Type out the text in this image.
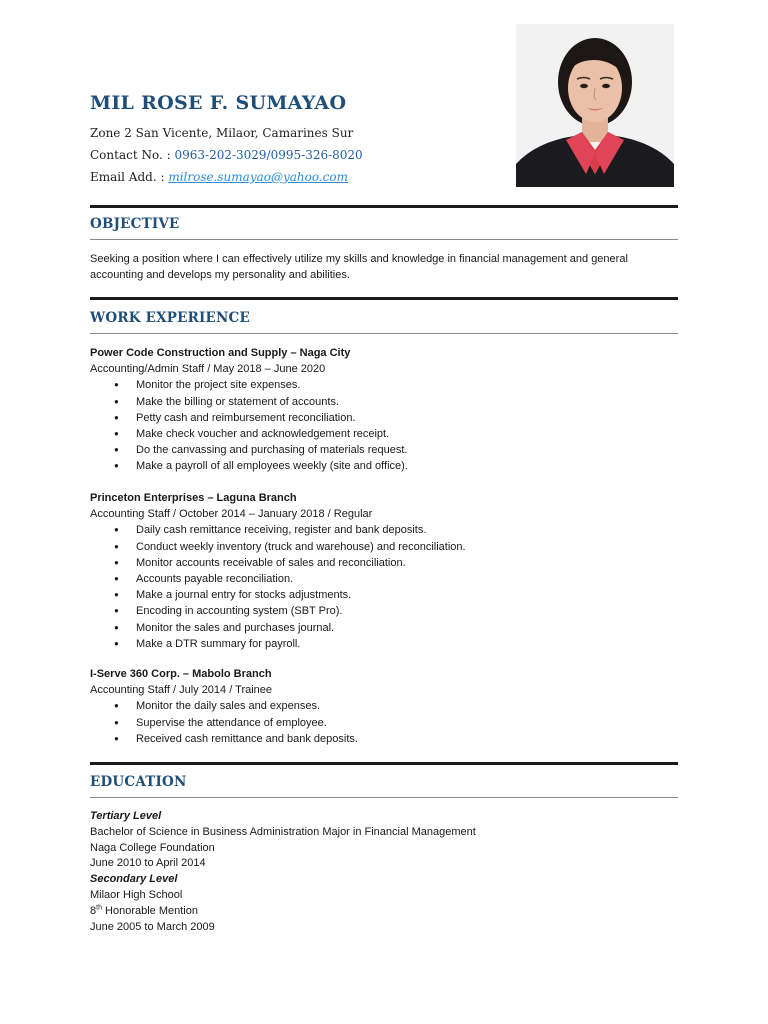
MIL ROSE F. SUMAYAO
Zone 2 San Vicente, Milaor, Camarines Sur
Contact No. : 0963-202-3029/0995-326-8020
Email Add. : milrose.sumayao@yahoo.com
OBJECTIVE
Seeking a position where I can effectively utilize my skills and knowledge in financial management and general accounting and develops my personality and abilities.
WORK EXPERIENCE
Power Code Construction and Supply – Naga City
Accounting/Admin Staff / May 2018 – June 2020
● Monitor the project site expenses.
● Make the billing or statement of accounts.
● Petty cash and reimbursement reconciliation.
● Make check voucher and acknowledgement receipt.
● Do the canvassing and purchasing of materials request.
● Make a payroll of all employees weekly (site and office).
Princeton Enterprises – Laguna Branch
Accounting Staff / October 2014 – January 2018 / Regular
● Daily cash remittance receiving, register and bank deposits.
● Conduct weekly inventory (truck and warehouse) and reconciliation.
● Monitor accounts receivable of sales and reconciliation.
● Accounts payable reconciliation.
● Make a journal entry for stocks adjustments.
● Encoding in accounting system (SBT Pro).
● Monitor the sales and purchases journal.
● Make a DTR summary for payroll.
I-Serve 360 Corp. – Mabolo Branch
Accounting Staff / July 2014 / Trainee
● Monitor the daily sales and expenses.
● Supervise the attendance of employee.
● Received cash remittance and bank deposits.
EDUCATION
Tertiary Level
Bachelor of Science in Business Administration Major in Financial Management
Naga College Foundation
June 2010 to April 2014
Secondary Level
Milaor High School
8th Honorable Mention
June 2005 to March 2009
